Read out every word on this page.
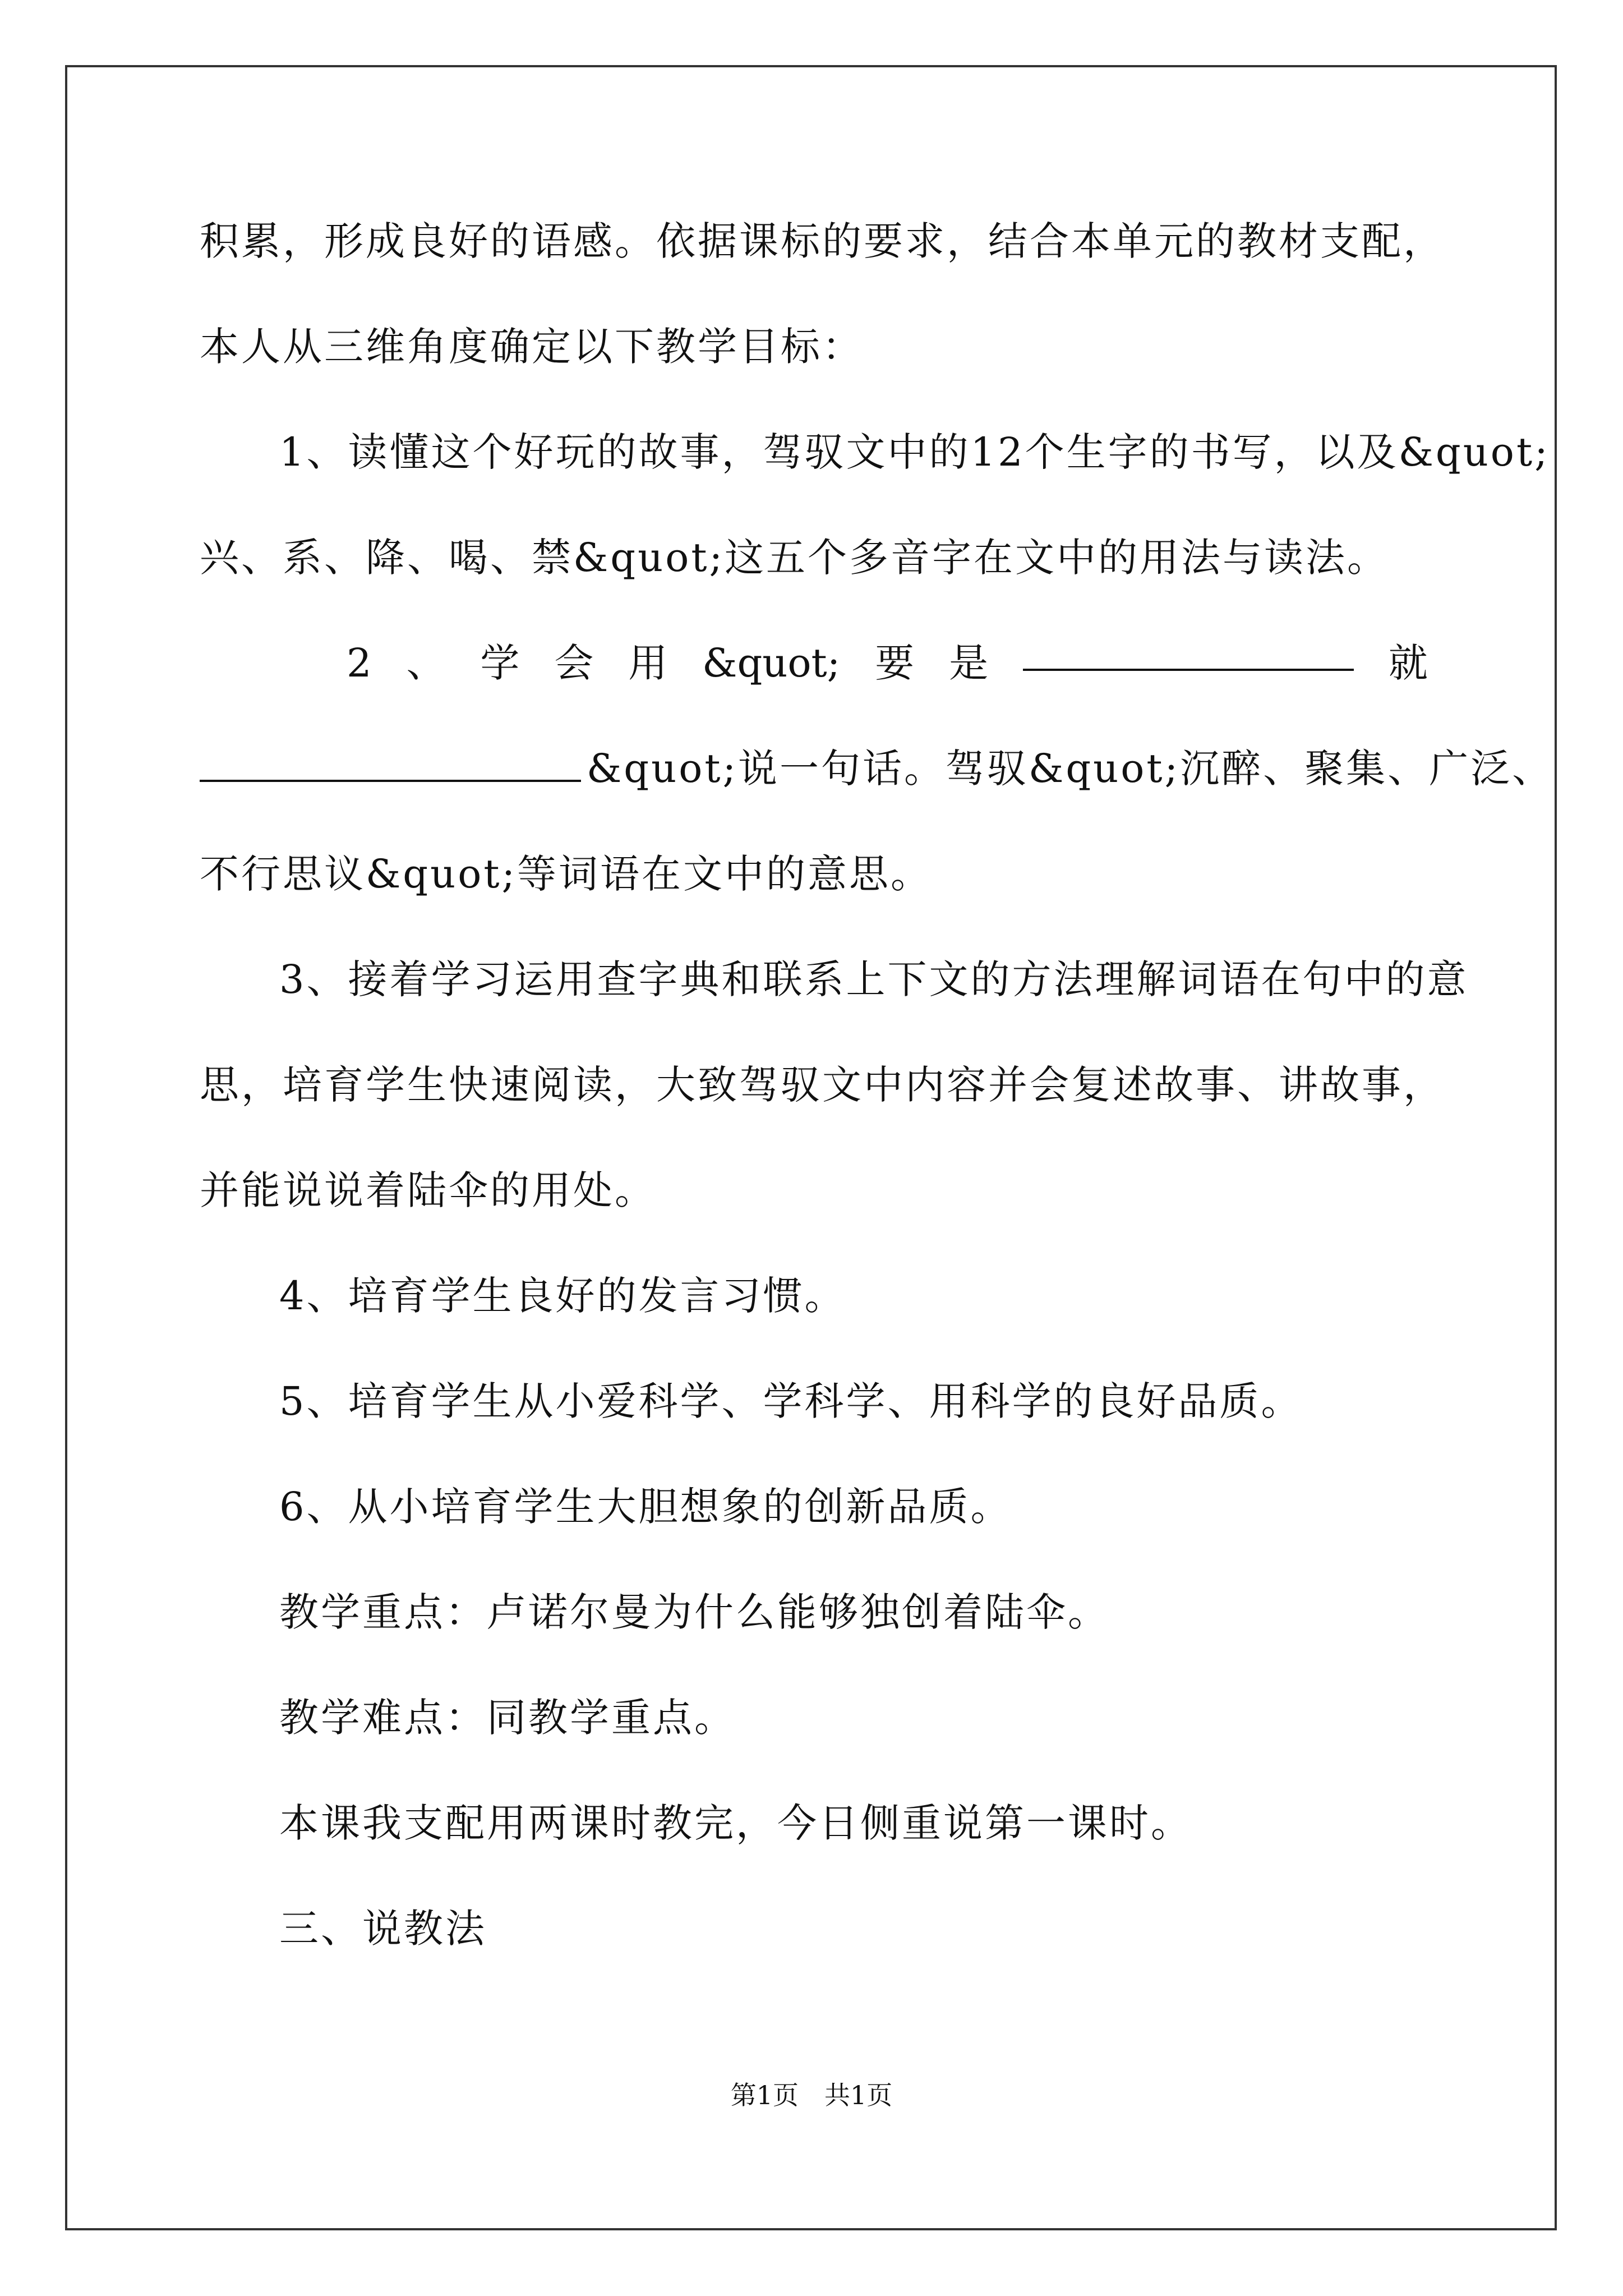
积累，形成良好的语感。依据课标的要求，结合本单元的教材支配，
本人从三维角度确定以下教学目标：
1、读懂这个好玩的故事，驾驭文中的12个生字的书写，以及&quot;
兴、系、降、喝、禁&quot;这五个多音字在文中的用法与读法。
2 、 学 会 用 &quot; 要 是	就
&quot;说一句话。驾驭&quot;沉醉、聚集、广泛、
不行思议&quot;等词语在文中的意思。
3、接着学习运用查字典和联系上下文的方法理解词语在句中的意
思，培育学生快速阅读，大致驾驭文中内容并会复述故事、讲故事，
并能说说着陆伞的用处。
4、培育学生良好的发言习惯。
5、培育学生从小爱科学、学科学、用科学的良好品质。
6、从小培育学生大胆想象的创新品质。
教学重点：卢诺尔曼为什么能够独创着陆伞。
教学难点：同教学重点。
本课我支配用两课时教完，今日侧重说第一课时。
三、说教法
第1页　共1页
